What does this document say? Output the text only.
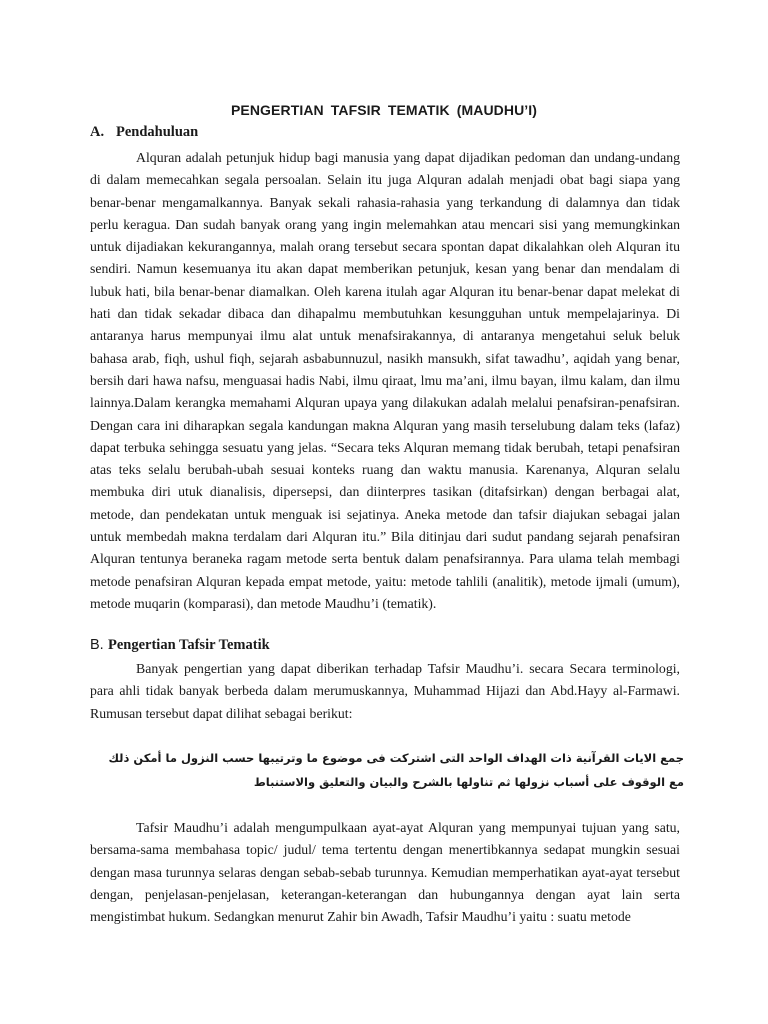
PENGERTIAN TAFSIR TEMATIK (MAUDHU’I)
A. Pendahuluan

Alquran adalah petunjuk hidup bagi manusia yang dapat dijadikan pedoman dan undang-undang di dalam memecahkan segala persoalan. Selain itu juga Alquran adalah menjadi obat bagi siapa yang benar-benar mengamalkannya. Banyak sekali rahasia-rahasia yang terkandung di dalamnya dan tidak perlu keragua. Dan sudah banyak orang yang ingin melemahkan atau mencari sisi yang memungkinkan untuk dijadiakan kekurangannya, malah orang tersebut secara spontan dapat dikalahkan oleh Alquran itu sendiri. Namun kesemuanya itu akan dapat memberikan petunjuk, kesan yang benar dan mendalam di lubuk hati, bila benar-benar diamalkan. Oleh karena itulah agar Alquran itu benar-benar dapat melekat di hati dan tidak sekadar dibaca dan dihapalmu membutuhkan kesungguhan untuk mempelajarinya. Di antaranya harus mempunyai ilmu alat untuk menafsirakannya, di antaranya mengetahui seluk beluk bahasa arab, fiqh, ushul fiqh, sejarah asbabunnuzul, nasikh mansukh, sifat tawadhu’, aqidah yang benar, bersih dari hawa nafsu, menguasai hadis Nabi, ilmu qiraat, lmu ma’ani, ilmu bayan, ilmu kalam, dan ilmu lainnya.Dalam kerangka memahami Alquran upaya yang dilakukan adalah melalui penafsiran-penafsiran. Dengan cara ini diharapkan segala kandungan makna Alquran yang masih terselubung dalam teks (lafaz) dapat terbuka sehingga sesuatu yang jelas. “Secara teks Alquran memang tidak berubah, tetapi penafsiran atas teks selalu berubah-ubah sesuai konteks ruang dan waktu manusia. Karenanya, Alquran selalu membuka diri utuk dianalisis, dipersepsi, dan diinterpres tasikan (ditafsirkan) dengan berbagai alat, metode, dan pendekatan untuk menguak isi sejatinya. Aneka metode dan tafsir diajukan sebagai jalan untuk membedah makna terdalam dari Alquran itu.” Bila ditinjau dari sudut pandang sejarah penafsiran Alquran tentunya beraneka ragam metode serta bentuk dalam penafsirannya. Para ulama telah membagi metode penafsiran Alquran kepada empat metode, yaitu: metode tahlili (analitik), metode ijmali (umum), metode muqarin (komparasi), dan metode Maudhu’i (tematik).

B. Pengertian Tafsir Tematik

Banyak pengertian yang dapat diberikan terhadap Tafsir Maudhu’i. secara Secara terminologi, para ahli tidak banyak berbeda dalam merumuskannya, Muhammad Hijazi dan Abd.Hayy al-Farmawi. Rumusan tersebut dapat dilihat sebagai berikut:

جمع الايات القرآنية ذات الهداف الواحد التى اشتركت فى موضوع ما وترتيبها حسب النزول ما أمكن ذلك مع الوقوف على أسباب نزولها ثم تناولها بالشرح والبيان والتعليق والاستنباط

Tafsir Maudhu’i adalah mengumpulkaan ayat-ayat Alquran yang mempunyai tujuan yang satu, bersama-sama membahasa topic/ judul/ tema tertentu dengan menertibkannya sedapat mungkin sesuai dengan masa turunnya selaras dengan sebab-sebab turunnya. Kemudian memperhatikan ayat-ayat tersebut dengan, penjelasan-penjelasan, keterangan-keterangan dan hubungannya dengan ayat lain serta mengistimbat hukum. Sedangkan menurut Zahir bin Awadh, Tafsir Maudhu’i yaitu : suatu metode
